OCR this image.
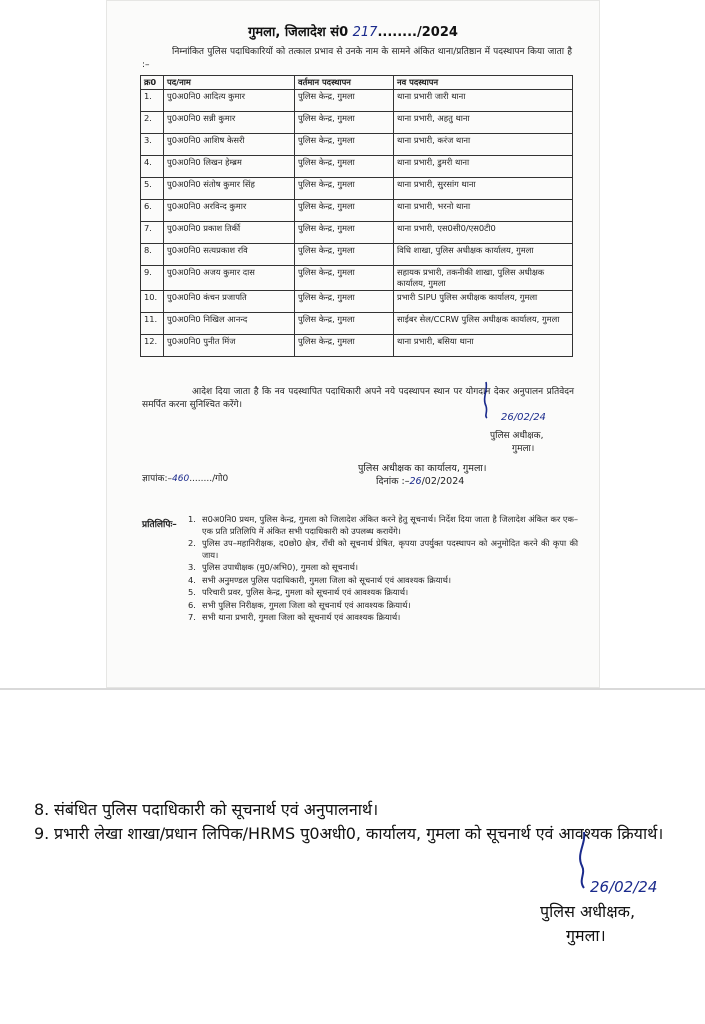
गुमला, जिलादेश सं0 217......../2024
निम्नांकित पुलिस पदाधिकारियों को तत्काल प्रभाव से उनके नाम के सामने अंकित थाना/प्रतिष्ठान में पदस्थापन किया जाता है :–
क्र0	पद/नाम	वर्तमान पदस्थापन	नव पदस्थापन
1.	पु0अ0नि0 आदित्य कुमार	पुलिस केन्द्र, गुमला	थाना प्रभारी जारी थाना
2.	पु0अ0नि0 सन्नी कुमार	पुलिस केन्द्र, गुमला	थाना प्रभारी, अहतु थाना
3.	पु0अ0नि0 आशिष केसरी	पुलिस केन्द्र, गुमला	थाना प्रभारी, करंज थाना
4.	पु0अ0नि0 लिखन हेम्ब्रम	पुलिस केन्द्र, गुमला	थाना प्रभारी, डुमरी थाना
5.	पु0अ0नि0 संतोष कुमार सिंह	पुलिस केन्द्र, गुमला	थाना प्रभारी, सुरसांग थाना
6.	पु0अ0नि0 अरविन्द कुमार	पुलिस केन्द्र, गुमला	थाना प्रभारी, भरनो थाना
7.	पु0अ0नि0 प्रकाश तिर्की	पुलिस केन्द्र, गुमला	थाना प्रभारी, एस0सी0/एस0टी0
8.	पु0अ0नि0 सत्यप्रकाश रवि	पुलिस केन्द्र, गुमला	विधि शाखा, पुलिस अधीक्षक कार्यालय, गुमला
9.	पु0अ0नि0 अजय कुमार दास	पुलिस केन्द्र, गुमला	सहायक प्रभारी, तकनीकी शाखा, पुलिस अधीक्षक कार्यालय, गुमला
10.	पु0अ0नि0 कंचन प्रजापति	पुलिस केन्द्र, गुमला	प्रभारी SIPU पुलिस अधीक्षक कार्यालय, गुमला
11.	पु0अ0नि0 निखिल आनन्द	पुलिस केन्द्र, गुमला	साईबर सेल/CCRW पुलिस अधीक्षक कार्यालय, गुमला
12.	पु0अ0नि0 पुनीत मिंज	पुलिस केन्द्र, गुमला	थाना प्रभारी, बसिया थाना
आदेश दिया जाता है कि नव पदस्थापित पदाधिकारी अपने नये पदस्थापन स्थान पर योगदान देकर अनुपालन प्रतिवेदन समर्पित करना सुनिश्चित करेंगे।
26/02/24
पुलिस अधीक्षक,
गुमला।
ज्ञापांक:–460......../गो0
पुलिस अधीक्षक का कार्यालय, गुमला।
दिनांक :–26/02/2024
प्रतिलिपिः–
1. स0अ0नि0 प्रथम, पुलिस केन्द्र, गुमला को जिलादेश अंकित करने हेतु सूचनार्थ। निर्देश दिया जाता है जिलादेश अंकित कर एक–एक प्रति प्रतिलिपि में अंकित सभी पदाधिकारी को उपलब्ध करायेंगे।
2. पुलिस उप–महानिरीक्षक, द0छो0 क्षेत्र, राँची को सूचनार्थ प्रेषित, कृपया उपर्युक्त पदस्थापन को अनुमोदित करने की कृपा की जाय।
3. पुलिस उपाधीक्षक (मु0/अभि0), गुमला को सूचनार्थ।
4. सभी अनुमण्डल पुलिस पदाधिकारी, गुमला जिला को सूचनार्थ एवं आवश्यक क्रियार्थ।
5. परिचारी प्रवर, पुलिस केन्द्र, गुमला को सूचनार्थ एवं आवश्यक क्रियार्थ।
6. सभी पुलिस निरीक्षक, गुमला जिला को सूचनार्थ एवं आवश्यक क्रियार्थ।
7. सभी थाना प्रभारी, गुमला जिला को सूचनार्थ एवं आवश्यक क्रियार्थ।
8. संबंधित पुलिस पदाधिकारी को सूचनार्थ एवं अनुपालनार्थ।
9. प्रभारी लेखा शाखा/प्रधान लिपिक/HRMS पु0अधी0, कार्यालय, गुमला को सूचनार्थ एवं आवश्यक क्रियार्थ।
26/02/24
पुलिस अधीक्षक,
गुमला।
